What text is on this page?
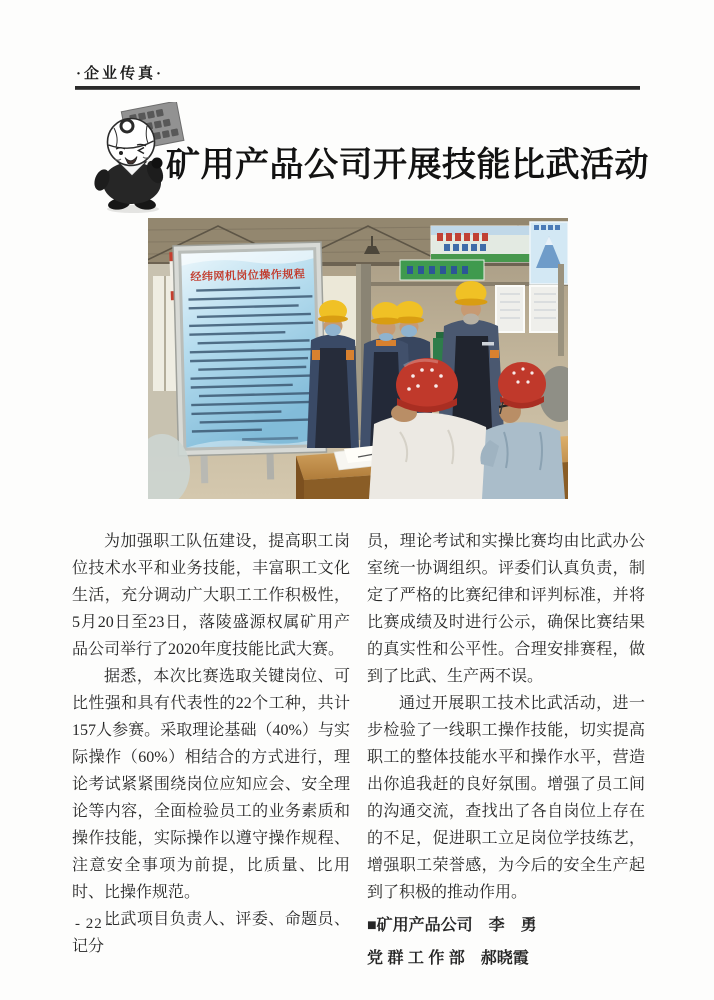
·企业传真·
矿用产品公司开展技能比武活动
经纬网机岗位操作规程

为加强职工队伍建设，提高职工岗位技术水平和业务技能，丰富职工文化生活，充分调动广大职工工作积极性，5月20日至23日，落陵盛源权属矿用产品公司举行了2020年度技能比武大赛。

据悉，本次比赛选取关键岗位、可比性强和具有代表性的22个工种，共计157人参赛。采取理论基础（40%）与实际操作（60%）相结合的方式进行，理论考试紧紧围绕岗位应知应会、安全理论等内容，全面检验员工的业务素质和操作技能，实际操作以遵守操作规程、注意安全事项为前提，比质量、比用时、比操作规范。

比武项目负责人、评委、命题员、记分

员，理论考试和实操比赛均由比武办公室统一协调组织。评委们认真负责，制定了严格的比赛纪律和评判标准，并将比赛成绩及时进行公示，确保比赛结果的真实性和公平性。合理安排赛程，做到了比武、生产两不误。

通过开展职工技术比武活动，进一步检验了一线职工操作技能，切实提高职工的整体技能水平和操作水平，营造出你追我赶的良好氛围。增强了员工间的沟通交流，查找出了各自岗位上存在的不足，促进职工立足岗位学技练艺，增强职工荣誉感，为今后的安全生产起到了积极的推动作用。

■矿用产品公司　李　勇

党 群 工 作 部　郝晓霞

- 22 -
